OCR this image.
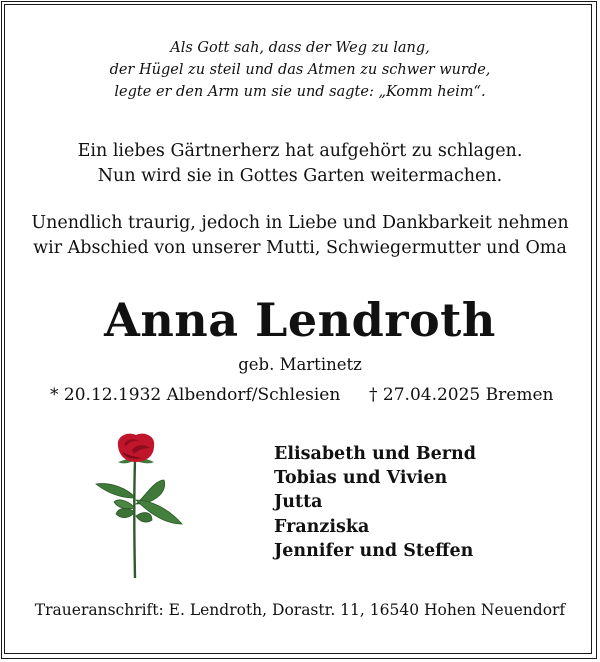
Als Gott sah, dass der Weg zu lang,
der Hügel zu steil und das Atmen zu schwer wurde,
legte er den Arm um sie und sagte: „Komm heim“.
Ein liebes Gärtnerherz hat aufgehört zu schlagen.
Nun wird sie in Gottes Garten weitermachen.
Unendlich traurig, jedoch in Liebe und Dankbarkeit nehmen
wir Abschied von unserer Mutti, Schwiegermutter und Oma
Anna Lendroth
geb. Martinetz
* 20.12.1932 Albendorf/Schlesien † 27.04.2025 Bremen
Elisabeth und Bernd
Tobias und Vivien
Jutta
Franziska
Jennifer und Steffen
Traueranschrift: E. Lendroth, Dorastr. 11, 16540 Hohen Neuendorf
